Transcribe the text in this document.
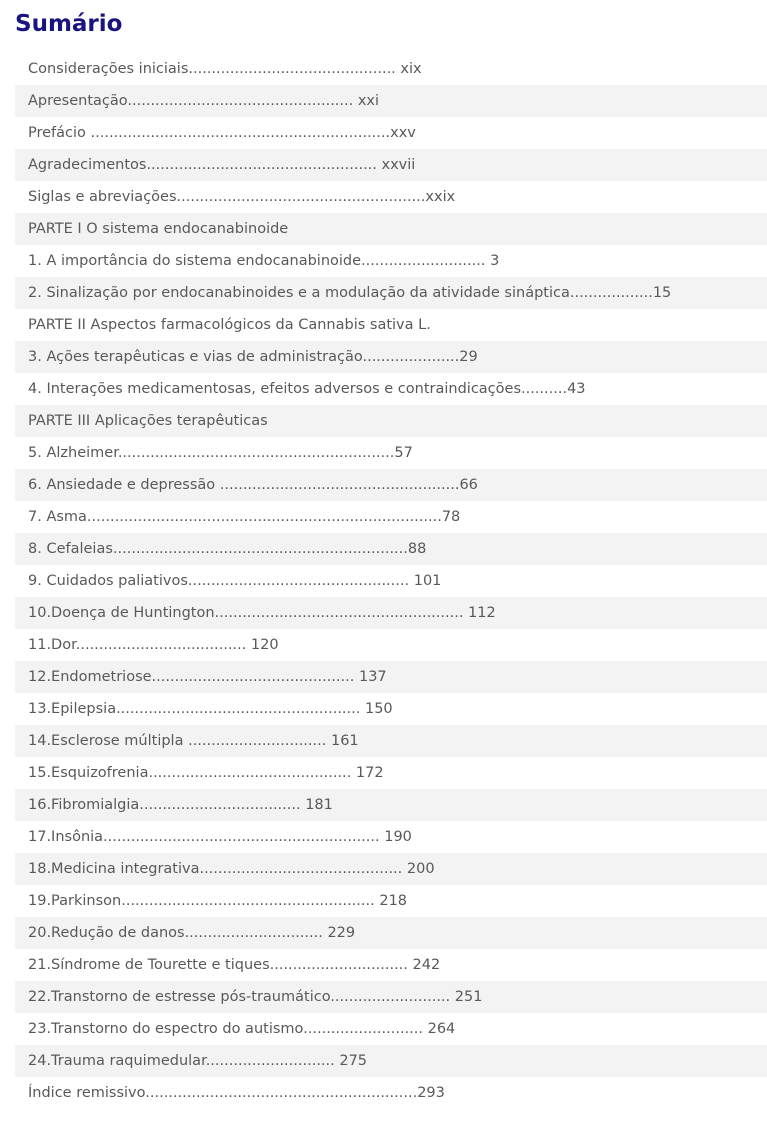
Sumário
Considerações iniciais............................................. xix
Apresentação................................................. xxi
Prefácio .................................................................xxv
Agradecimentos.................................................. xxvii
Siglas e abreviações......................................................xxix
PARTE I O sistema endocanabinoide
1. A importância do sistema endocanabinoide........................... 3
2. Sinalização por endocanabinoides e a modulação da atividade sináptica..................15
PARTE II Aspectos farmacológicos da Cannabis sativa L.
3. Ações terapêuticas e vias de administração.....................29
4. Interações medicamentosas, efeitos adversos e contraindicações..........43
PARTE III Aplicações terapêuticas
5. Alzheimer............................................................57
6. Ansiedade e depressão ....................................................66
7. Asma.............................................................................78
8. Cefaleias................................................................88
9. Cuidados paliativos................................................ 101
10.Doença de Huntington...................................................... 112
11.Dor..................................... 120
12.Endometriose............................................ 137
13.Epilepsia..................................................... 150
14.Esclerose múltipla .............................. 161
15.Esquizofrenia............................................ 172
16.Fibromialgia................................... 181
17.Insônia............................................................ 190
18.Medicina integrativa............................................ 200
19.Parkinson....................................................... 218
20.Redução de danos.............................. 229
21.Síndrome de Tourette e tiques.............................. 242
22.Transtorno de estresse pós-traumático.......................... 251
23.Transtorno do espectro do autismo.......................... 264
24.Trauma raquimedular............................ 275
Índice remissivo...........................................................293
